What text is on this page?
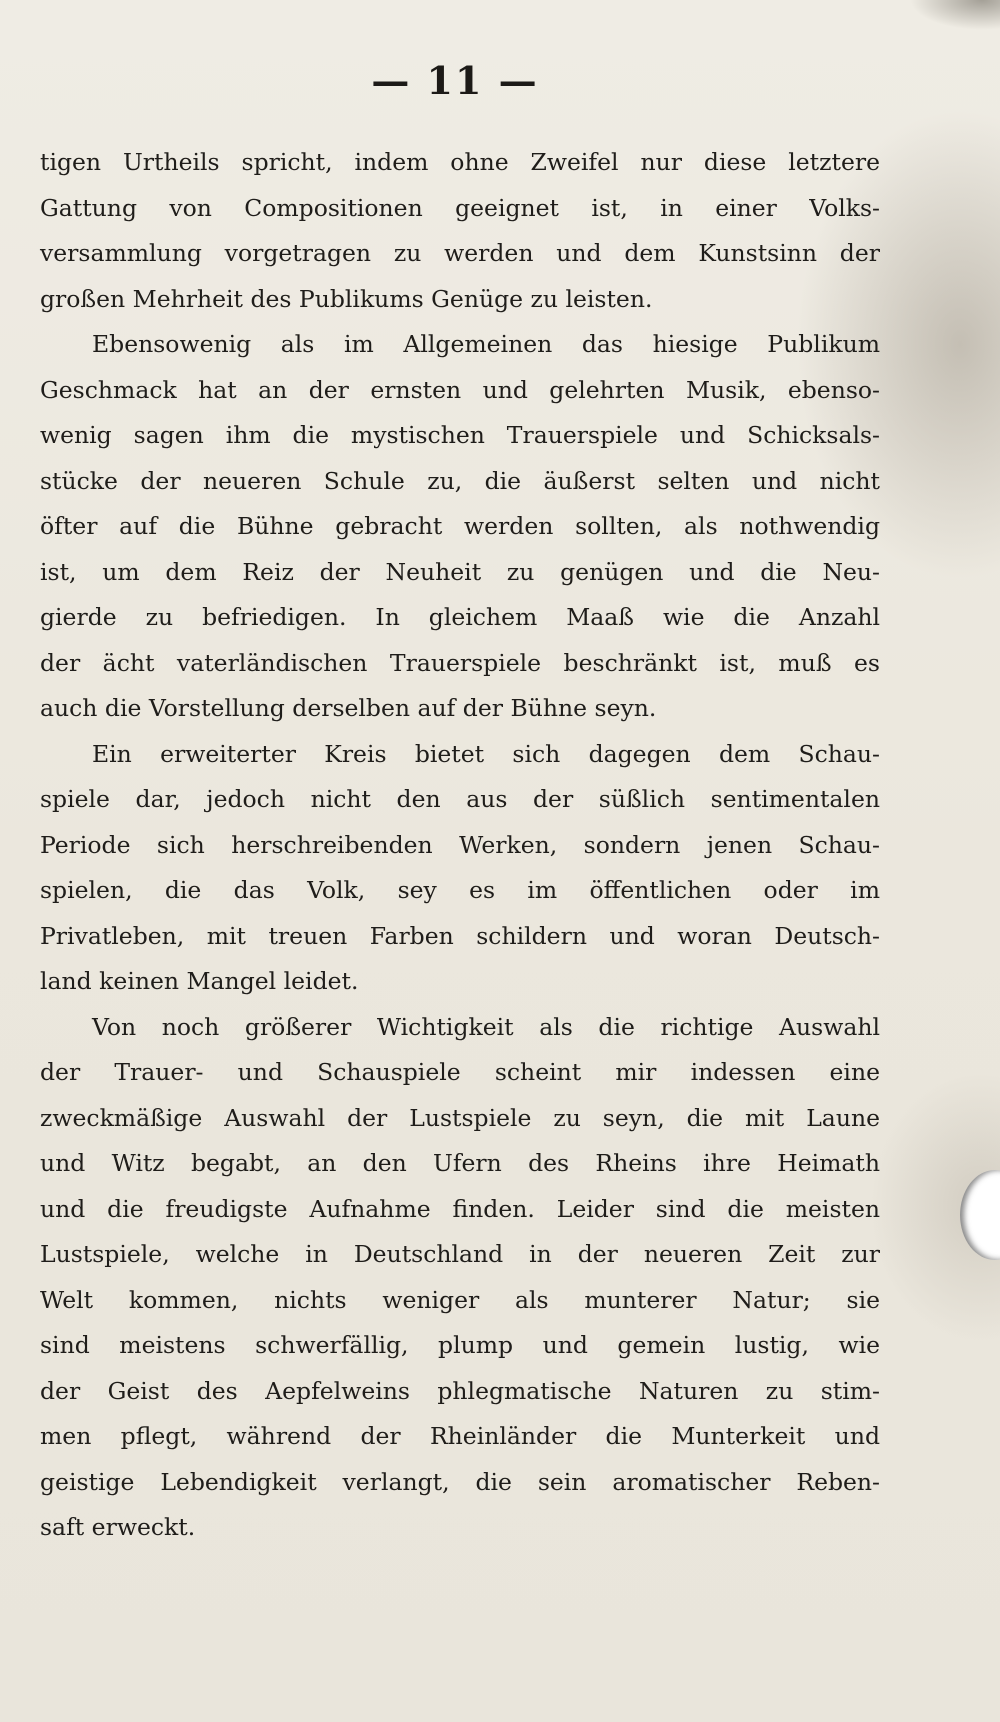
— 11 —
tigen Urtheils spricht, indem ohne Zweifel nur diese letztere
Gattung von Compositionen geeignet ist, in einer Volks-
versammlung vorgetragen zu werden und dem Kunstsinn der
großen Mehrheit des Publikums Genüge zu leisten.
Ebensowenig als im Allgemeinen das hiesige Publikum
Geschmack hat an der ernsten und gelehrten Musik, ebenso-
wenig sagen ihm die mystischen Trauerspiele und Schicksals-
stücke der neueren Schule zu, die äußerst selten und nicht
öfter auf die Bühne gebracht werden sollten, als nothwendig
ist, um dem Reiz der Neuheit zu genügen und die Neu-
gierde zu befriedigen. In gleichem Maaß wie die Anzahl
der ächt vaterländischen Trauerspiele beschränkt ist, muß es
auch die Vorstellung derselben auf der Bühne seyn.
Ein erweiterter Kreis bietet sich dagegen dem Schau-
spiele dar, jedoch nicht den aus der süßlich sentimentalen
Periode sich herschreibenden Werken, sondern jenen Schau-
spielen, die das Volk, sey es im öffentlichen oder im
Privatleben, mit treuen Farben schildern und woran Deutsch-
land keinen Mangel leidet.
Von noch größerer Wichtigkeit als die richtige Auswahl
der Trauer- und Schauspiele scheint mir indessen eine
zweckmäßige Auswahl der Lustspiele zu seyn, die mit Laune
und Witz begabt, an den Ufern des Rheins ihre Heimath
und die freudigste Aufnahme finden. Leider sind die meisten
Lustspiele, welche in Deutschland in der neueren Zeit zur
Welt kommen, nichts weniger als munterer Natur; sie
sind meistens schwerfällig, plump und gemein lustig, wie
der Geist des Aepfelweins phlegmatische Naturen zu stim-
men pflegt, während der Rheinländer die Munterkeit und
geistige Lebendigkeit verlangt, die sein aromatischer Reben-
saft erweckt.
